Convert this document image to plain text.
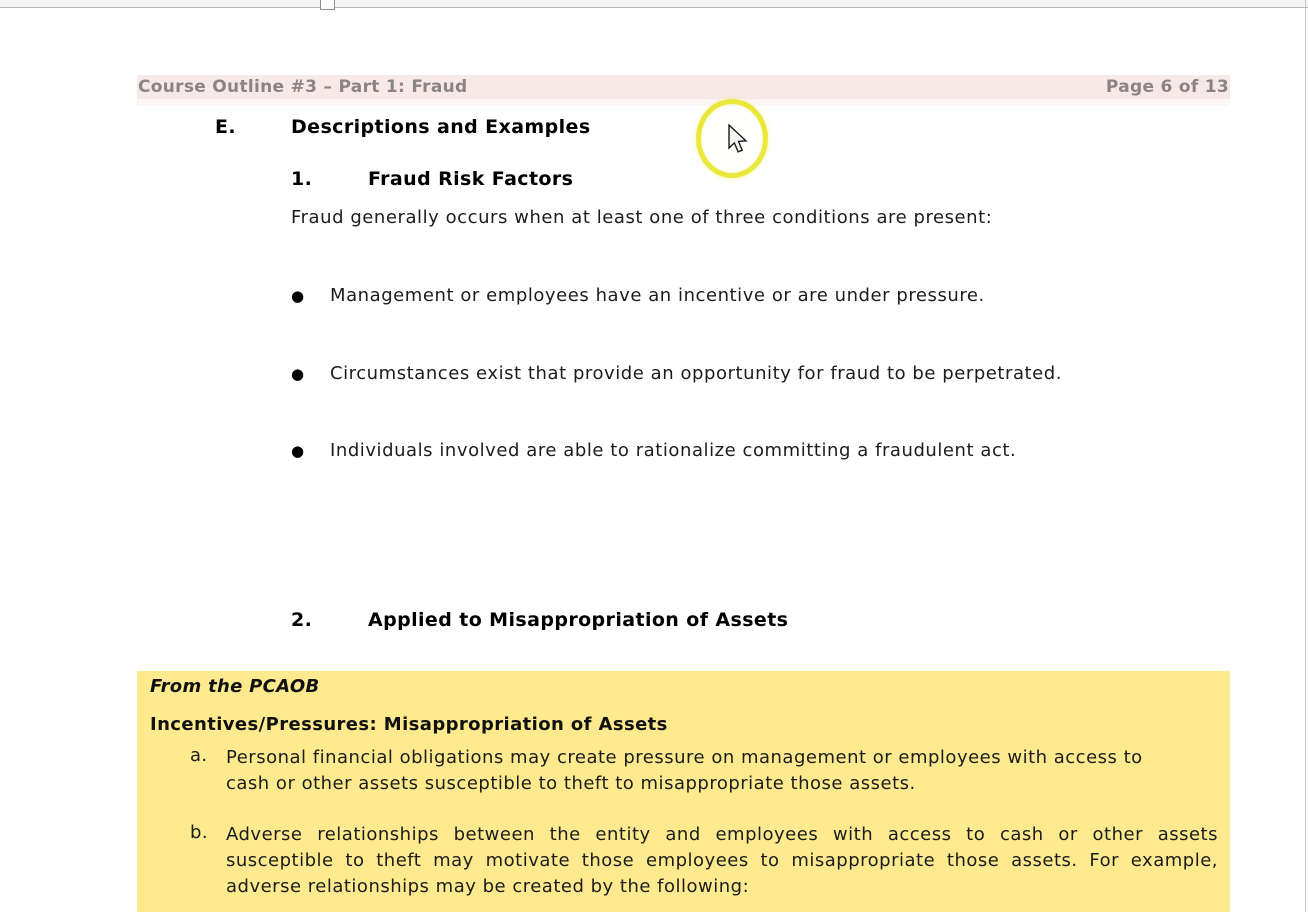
Course Outline #3 – Part 1: Fraud	Page 6 of 13
E.	Descriptions and Examples
1.	Fraud Risk Factors
Fraud generally occurs when at least one of three conditions are present:
●	Management or employees have an incentive or are under pressure.
●	Circumstances exist that provide an opportunity for fraud to be perpetrated.
●	Individuals involved are able to rationalize committing a fraudulent act.
2.	Applied to Misappropriation of Assets
From the PCAOB
Incentives/Pressures: Misappropriation of Assets
a.	Personal financial obligations may create pressure on management or employees with access to cash or other assets susceptible to theft to misappropriate those assets.
b.	Adverse relationships between the entity and employees with access to cash or other assets susceptible to theft may motivate those employees to misappropriate those assets. For example, adverse relationships may be created by the following:
